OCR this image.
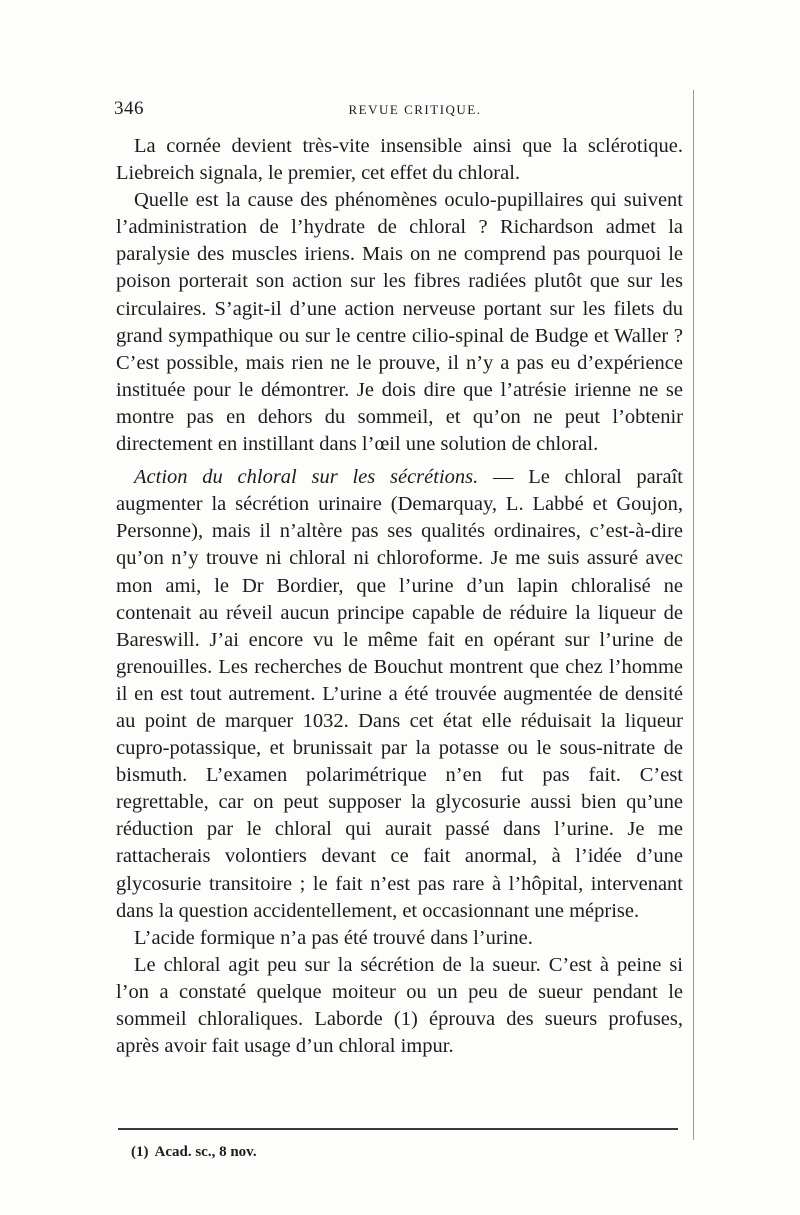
346	REVUE CRITIQUE.

La cornée devient très-vite insensible ainsi que la sclérotique. Liebreich signala, le premier, cet effet du chloral.

Quelle est la cause des phénomènes oculo-pupillaires qui suivent l’administration de l’hydrate de chloral ? Richardson admet la paralysie des muscles iriens. Mais on ne comprend pas pourquoi le poison porterait son action sur les fibres radiées plutôt que sur les circulaires. S’agit-il d’une action nerveuse portant sur les filets du grand sympathique ou sur le centre cilio-spinal de Budge et Waller ? C’est possible, mais rien ne le prouve, il n’y a pas eu d’expérience instituée pour le démontrer. Je dois dire que l’atrésie irienne ne se montre pas en dehors du sommeil, et qu’on ne peut l’obtenir directement en instillant dans l’œil une solution de chloral.

Action du chloral sur les sécrétions. — Le chloral paraît augmenter la sécrétion urinaire (Demarquay, L. Labbé et Goujon, Personne), mais il n’altère pas ses qualités ordinaires, c’est-à-dire qu’on n’y trouve ni chloral ni chloroforme. Je me suis assuré avec mon ami, le Dr Bordier, que l’urine d’un lapin chloralisé ne contenait au réveil aucun principe capable de réduire la liqueur de Bareswill. J’ai encore vu le même fait en opérant sur l’urine de grenouilles. Les recherches de Bouchut montrent que chez l’homme il en est tout autrement. L’urine a été trouvée augmentée de densité au point de marquer 1032. Dans cet état elle réduisait la liqueur cupro-potassique, et brunissait par la potasse ou le sous-nitrate de bismuth. L’examen polarimétrique n’en fut pas fait. C’est regrettable, car on peut supposer la glycosurie aussi bien qu’une réduction par le chloral qui aurait passé dans l’urine. Je me rattacherais volontiers devant ce fait anormal, à l’idée d’une glycosurie transitoire ; le fait n’est pas rare à l’hôpital, intervenant dans la question accidentellement, et occasionnant une méprise.

L’acide formique n’a pas été trouvé dans l’urine.

Le chloral agit peu sur la sécrétion de la sueur. C’est à peine si l’on a constaté quelque moiteur ou un peu de sueur pendant le sommeil chloraliques. Laborde (1) éprouva des sueurs profuses, après avoir fait usage d’un chloral impur.

(1) Acad. sc., 8 nov.
